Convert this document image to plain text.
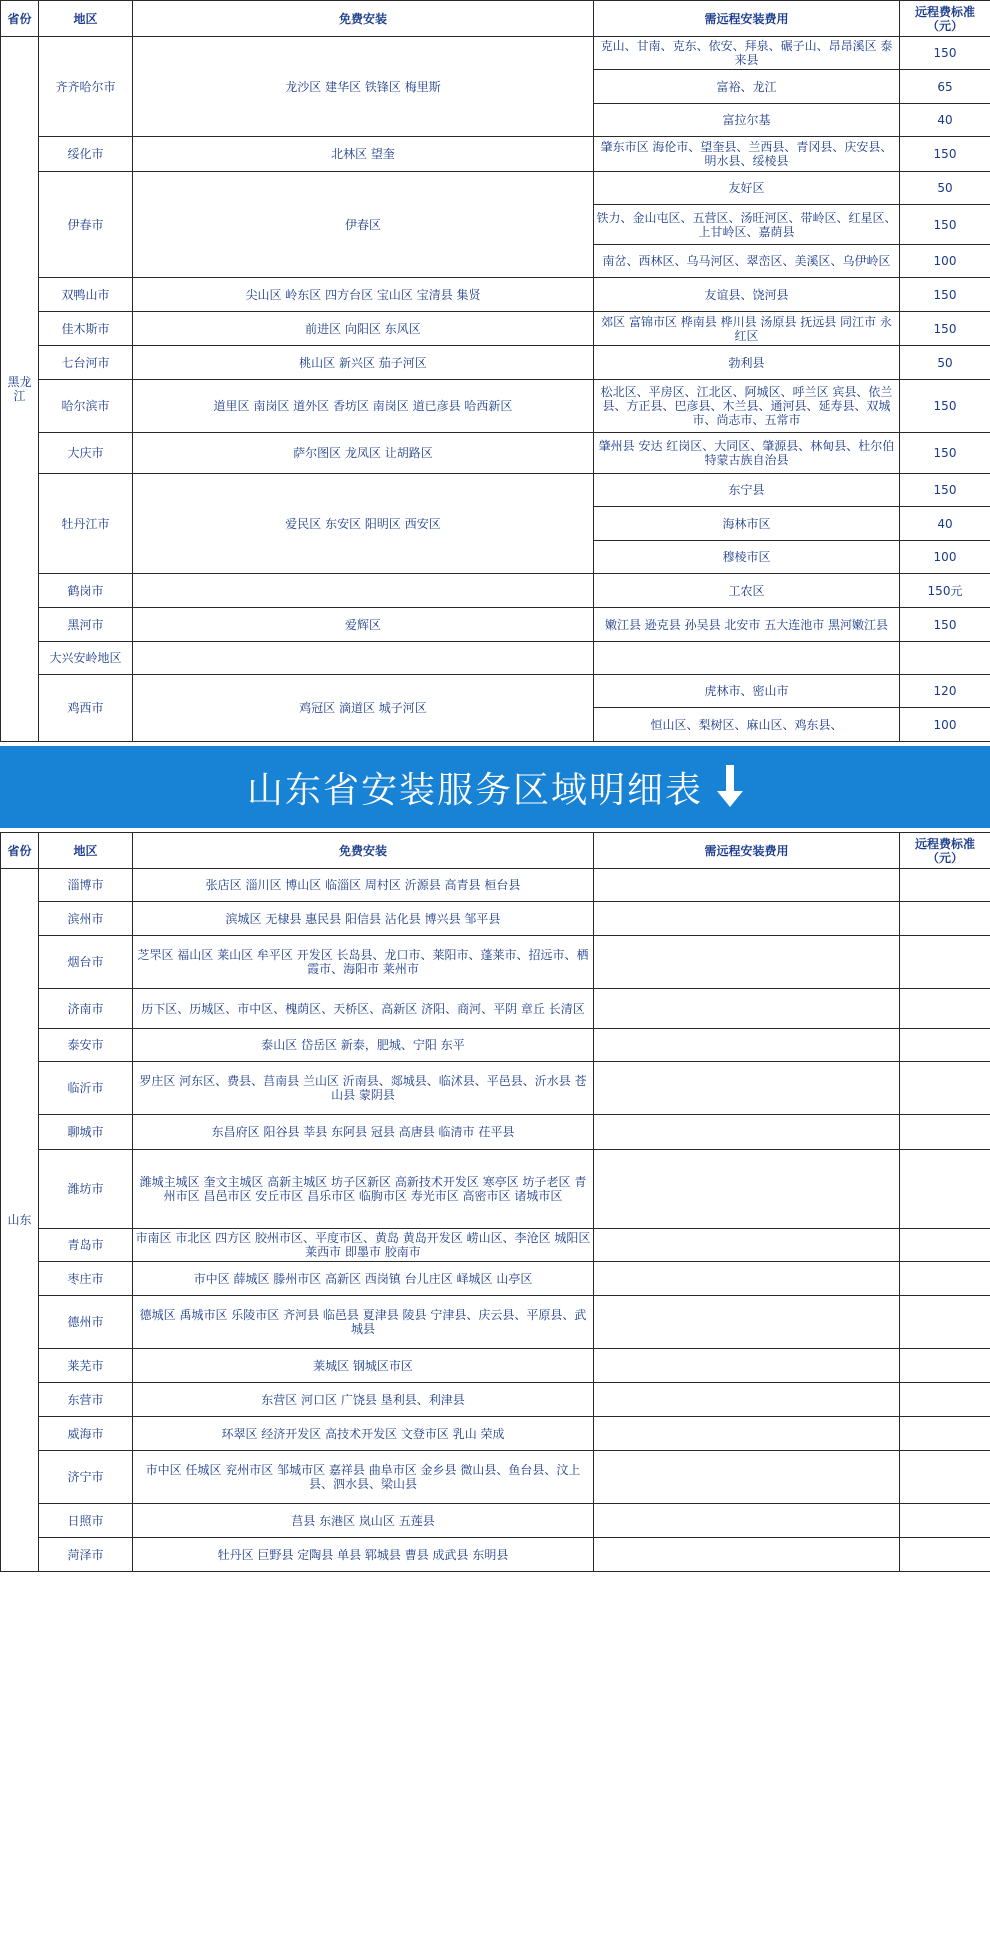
省份	地区	免费安装	需远程安装费用	远程费标准
（元）
黑龙
江	齐齐哈尔市	龙沙区 建华区 铁锋区 梅里斯	克山、甘南、克东、依安、拜泉、碾子山、昂昂溪区 泰来县	150
			富裕、龙江	65
			富拉尔基	40
	绥化市	北林区 望奎	肇东市区 海伦市、望奎县、兰西县、青冈县、庆安县、明水县、绥棱县	150
	伊春市	伊春区	友好区	50
			铁力、金山屯区、五营区、汤旺河区、带岭区、红星区、上甘岭区、嘉荫县	150
			南岔、西林区、乌马河区、翠峦区、美溪区、乌伊岭区	100
	双鸭山市	尖山区 岭东区 四方台区 宝山区 宝清县 集贤	友谊县、饶河县	150
	佳木斯市	前进区 向阳区 东风区	郊区 富锦市区 桦南县 桦川县 汤原县 抚远县 同江市 永红区	150
	七台河市	桃山区 新兴区 茄子河区	勃利县	50
	哈尔滨市	道里区 南岗区 道外区 香坊区 南岗区 道已彦县 哈西新区	松北区、平房区、江北区、阿城区、呼兰区 宾县、依兰县、方正县、巴彦县、木兰县、通河县、延寿县、双城市、尚志市、五常市	150
	大庆市	萨尔图区 龙凤区 让胡路区	肇州县 安达 红岗区、大同区、肇源县、林甸县、杜尔伯特蒙古族自治县	150
	牡丹江市	爱民区 东安区 阳明区 西安区	东宁县	150
			海林市区	40
			穆棱市区	100
	鹤岗市		工农区	150元
	黑河市	爱辉区	嫩江县 逊克县 孙吴县 北安市 五大连池市 黑河嫩江县	150
	大兴安岭地区			
	鸡西市	鸡冠区 滴道区 城子河区	虎林市、密山市	120
			恒山区、梨树区、麻山区、鸡东县、	100
山东省安装服务区域明细表
省份	地区	免费安装	需远程安装费用	远程费标准
（元）
山东	淄博市	张店区 淄川区 博山区 临淄区 周村区 沂源县 高青县 桓台县		
	滨州市	滨城区 无棣县 惠民县 阳信县 沾化县 博兴县 邹平县		
	烟台市	芝罘区 福山区 莱山区 牟平区 开发区 长岛县、龙口市、莱阳市、蓬莱市、招远市、栖霞市、海阳市 莱州市		
	济南市	历下区、历城区、市中区、槐荫区、天桥区、高新区 济阳、商河、平阴 章丘 长清区		
	泰安市	泰山区 岱岳区 新泰，肥城、宁阳 东平		
	临沂市	罗庄区 河东区、费县、莒南县 兰山区 沂南县、郯城县、临沭县、平邑县、沂水县 苍山县 蒙阴县		
	聊城市	东昌府区 阳谷县 莘县 东阿县 冠县 高唐县 临清市 茌平县		
	潍坊市	潍城主城区 奎文主城区 高新主城区 坊子区新区 高新技术开发区 寒亭区 坊子老区 青州市区 昌邑市区 安丘市区 昌乐市区 临朐市区 寿光市区 高密市区 诸城市区		
	青岛市	市南区 市北区 四方区 胶州市区、平度市区、黄岛 黄岛开发区 崂山区、李沧区 城阳区 莱西市 即墨市 胶南市		
	枣庄市	市中区 薛城区 滕州市区 高新区 西岗镇 台儿庄区 峄城区 山亭区		
	德州市	德城区 禹城市区 乐陵市区 齐河县 临邑县 夏津县 陵县 宁津县、庆云县、平原县、武城县		
	莱芜市	莱城区 钢城区市区		
	东营市	东营区 河口区 广饶县 垦利县、利津县		
	威海市	环翠区 经济开发区 高技术开发区 文登市区 乳山 荣成		
	济宁市	市中区 任城区 兖州市区 邹城市区 嘉祥县 曲阜市区 金乡县 微山县、鱼台县、汶上县、泗水县、梁山县		
	日照市	莒县 东港区 岚山区 五莲县		
	菏泽市	牡丹区 巨野县 定陶县 单县 郓城县 曹县 成武县 东明县		
